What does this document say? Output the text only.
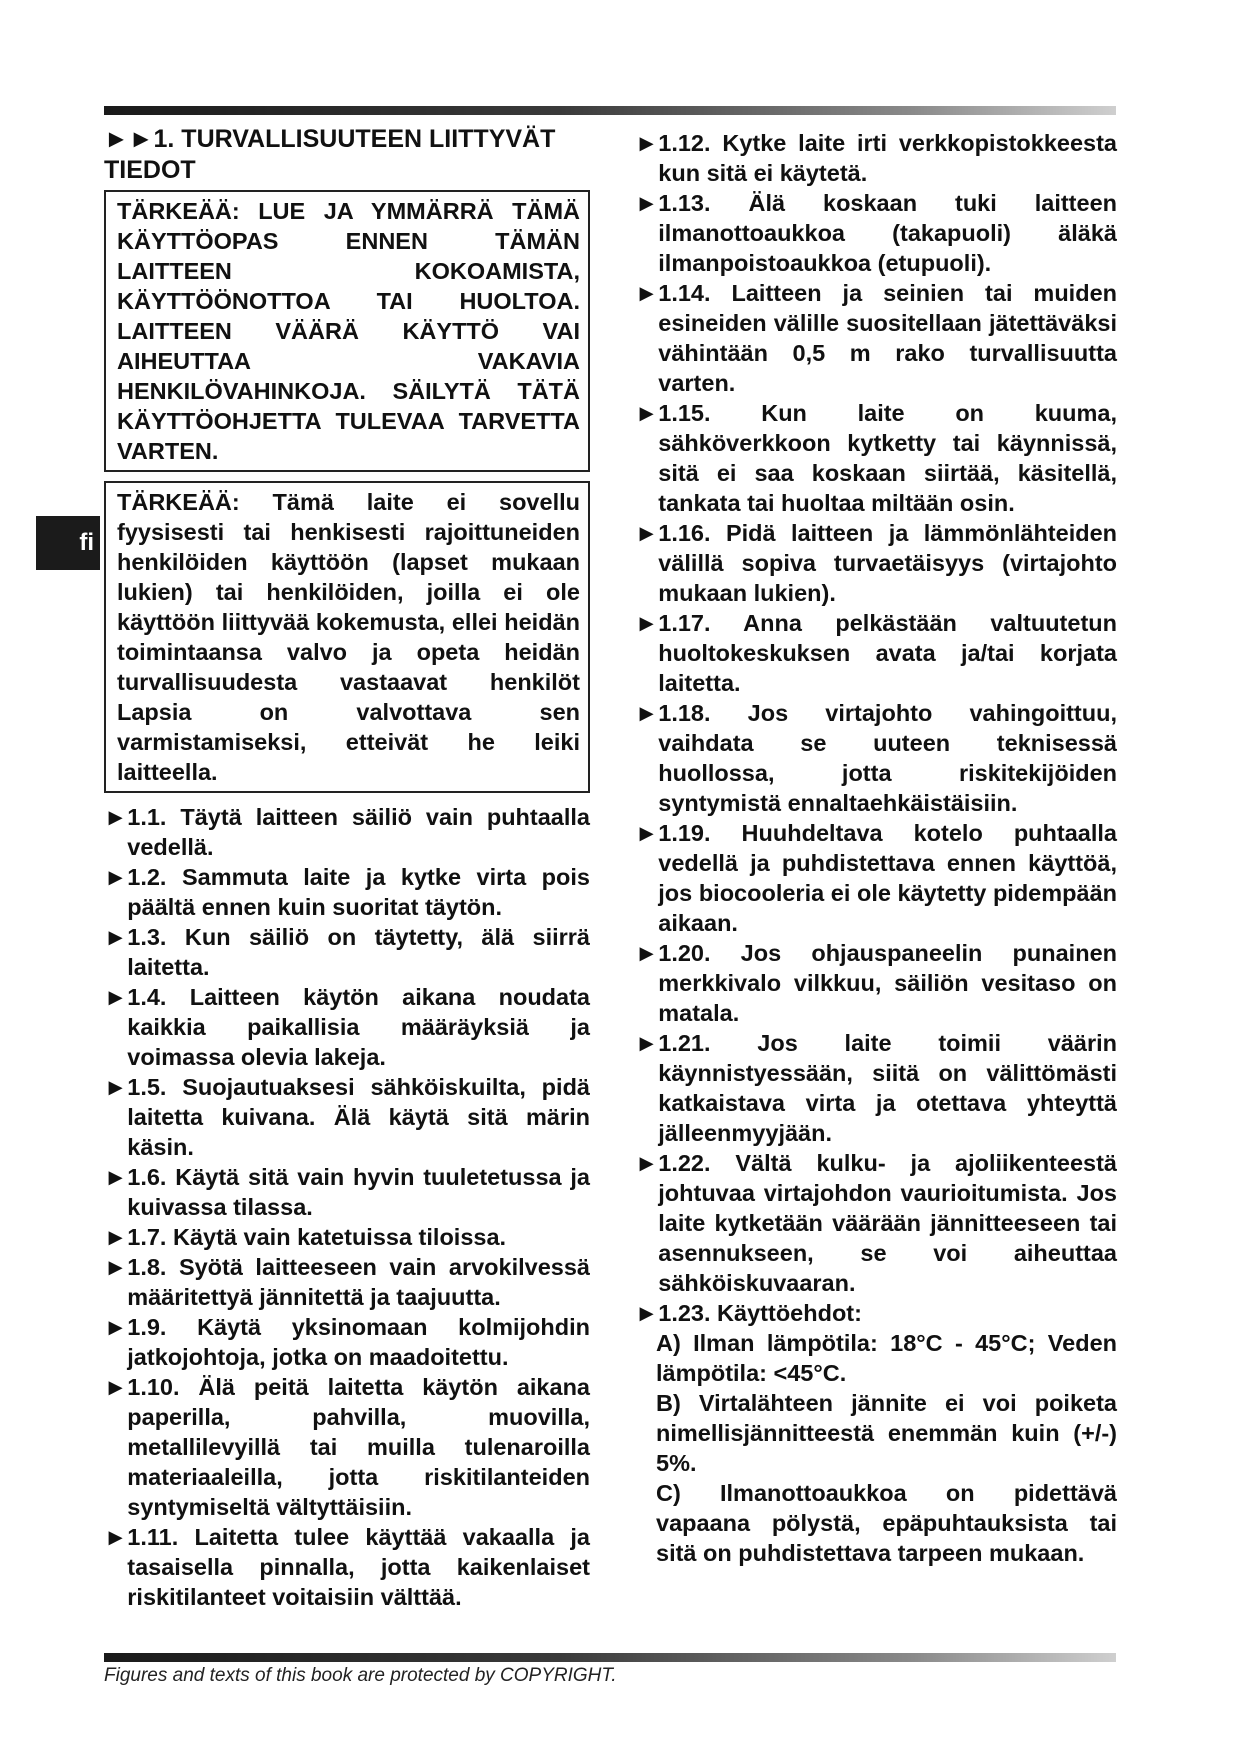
fi
►►1. TURVALLISUUTEEN LIITTYVÄT TIEDOT
TÄRKEÄÄ: LUE JA YMMÄRRÄ TÄMÄ KÄYTTÖOPAS ENNEN TÄMÄN LAITTEEN KOKOAMISTA, KÄYTTÖÖNOTTOA TAI HUOLTOA. LAITTEEN VÄÄRÄ KÄYTTÖ VAI AIHEUTTAA VAKAVIA HENKILÖVAHINKOJA. SÄILYTÄ TÄTÄ KÄYTTÖOHJETTA TULEVAA TARVETTA VARTEN.
TÄRKEÄÄ: Tämä laite ei sovellu fyysisesti tai henkisesti rajoittuneiden henkilöiden käyttöön (lapset mukaan lukien) tai henkilöiden, joilla ei ole käyttöön liittyvää kokemusta, ellei heidän toimintaansa valvo ja opeta heidän turvallisuudesta vastaavat henkilöt Lapsia on valvottava sen varmistamiseksi, etteivät he leiki laitteella.
► 1.1. Täytä laitteen säiliö vain puhtaalla vedellä.
► 1.2. Sammuta laite ja kytke virta pois päältä ennen kuin suoritat täytön.
► 1.3. Kun säiliö on täytetty, älä siirrä laitetta.
► 1.4. Laitteen käytön aikana noudata kaikkia paikallisia määräyksiä ja voimassa olevia lakeja.
► 1.5. Suojautuaksesi sähköiskuilta, pidä laitetta kuivana. Älä käytä sitä märin käsin.
► 1.6. Käytä sitä vain hyvin tuuletetussa ja kuivassa tilassa.
► 1.7. Käytä vain katetuissa tiloissa.
► 1.8. Syötä laitteeseen vain arvokilvessä määritettyä jännitettä ja taajuutta.
► 1.9. Käytä yksinomaan kolmijohdin jatkojohtoja, jotka on maadoitettu.
► 1.10. Älä peitä laitetta käytön aikana paperilla, pahvilla, muovilla, metallilevyillä tai muilla tulenaroilla materiaaleilla, jotta riskitilanteiden syntymiseltä vältyttäisiin.
► 1.11. Laitetta tulee käyttää vakaalla ja tasaisella pinnalla, jotta kaikenlaiset riskitilanteet voitaisiin välttää.
► 1.12. Kytke laite irti verkkopistokkeesta kun sitä ei käytetä.
► 1.13. Älä koskaan tuki laitteen ilmanottoaukkoa (takapuoli) äläkä ilmanpoistoaukkoa (etupuoli).
► 1.14. Laitteen ja seinien tai muiden esineiden välille suositellaan jätettäväksi vähintään 0,5 m rako turvallisuutta varten.
► 1.15. Kun laite on kuuma, sähköverkkoon kytketty tai käynnissä, sitä ei saa koskaan siirtää, käsitellä, tankata tai huoltaa miltään osin.
► 1.16. Pidä laitteen ja lämmönlähteiden välillä sopiva turvaetäisyys (virtajohto mukaan lukien).
► 1.17. Anna pelkästään valtuutetun huoltokeskuksen avata ja/tai korjata laitetta.
► 1.18. Jos virtajohto vahingoittuu, vaihdata se uuteen teknisessä huollossa, jotta riskitekijöiden syntymistä ennaltaehkäistäisiin.
► 1.19. Huuhdeltava kotelo puhtaalla vedellä ja puhdistettava ennen käyttöä, jos biocooleria ei ole käytetty pidempään aikaan.
► 1.20. Jos ohjauspaneelin punainen merkkivalo vilkkuu, säiliön vesitaso on matala.
► 1.21. Jos laite toimii väärin käynnistyessään, siitä on välittömästi katkaistava virta ja otettava yhteyttä jälleenmyyjään.
► 1.22. Vältä kulku- ja ajoliikenteestä johtuvaa virtajohdon vaurioitumista. Jos laite kytketään väärään jännitteeseen tai asennukseen, se voi aiheuttaa sähköiskuvaaran.
► 1.23. Käyttöehdot:
A) Ilman lämpötila: 18°C - 45°C; Veden lämpötila: <45°C.
B) Virtalähteen jännite ei voi poiketa nimellisjännitteestä enemmän kuin (+/-) 5%.
C) Ilmanottoaukkoa on pidettävä vapaana pölystä, epäpuhtauksista tai sitä on puhdistettava tarpeen mukaan.
Figures and texts of this book are protected by COPYRIGHT.
